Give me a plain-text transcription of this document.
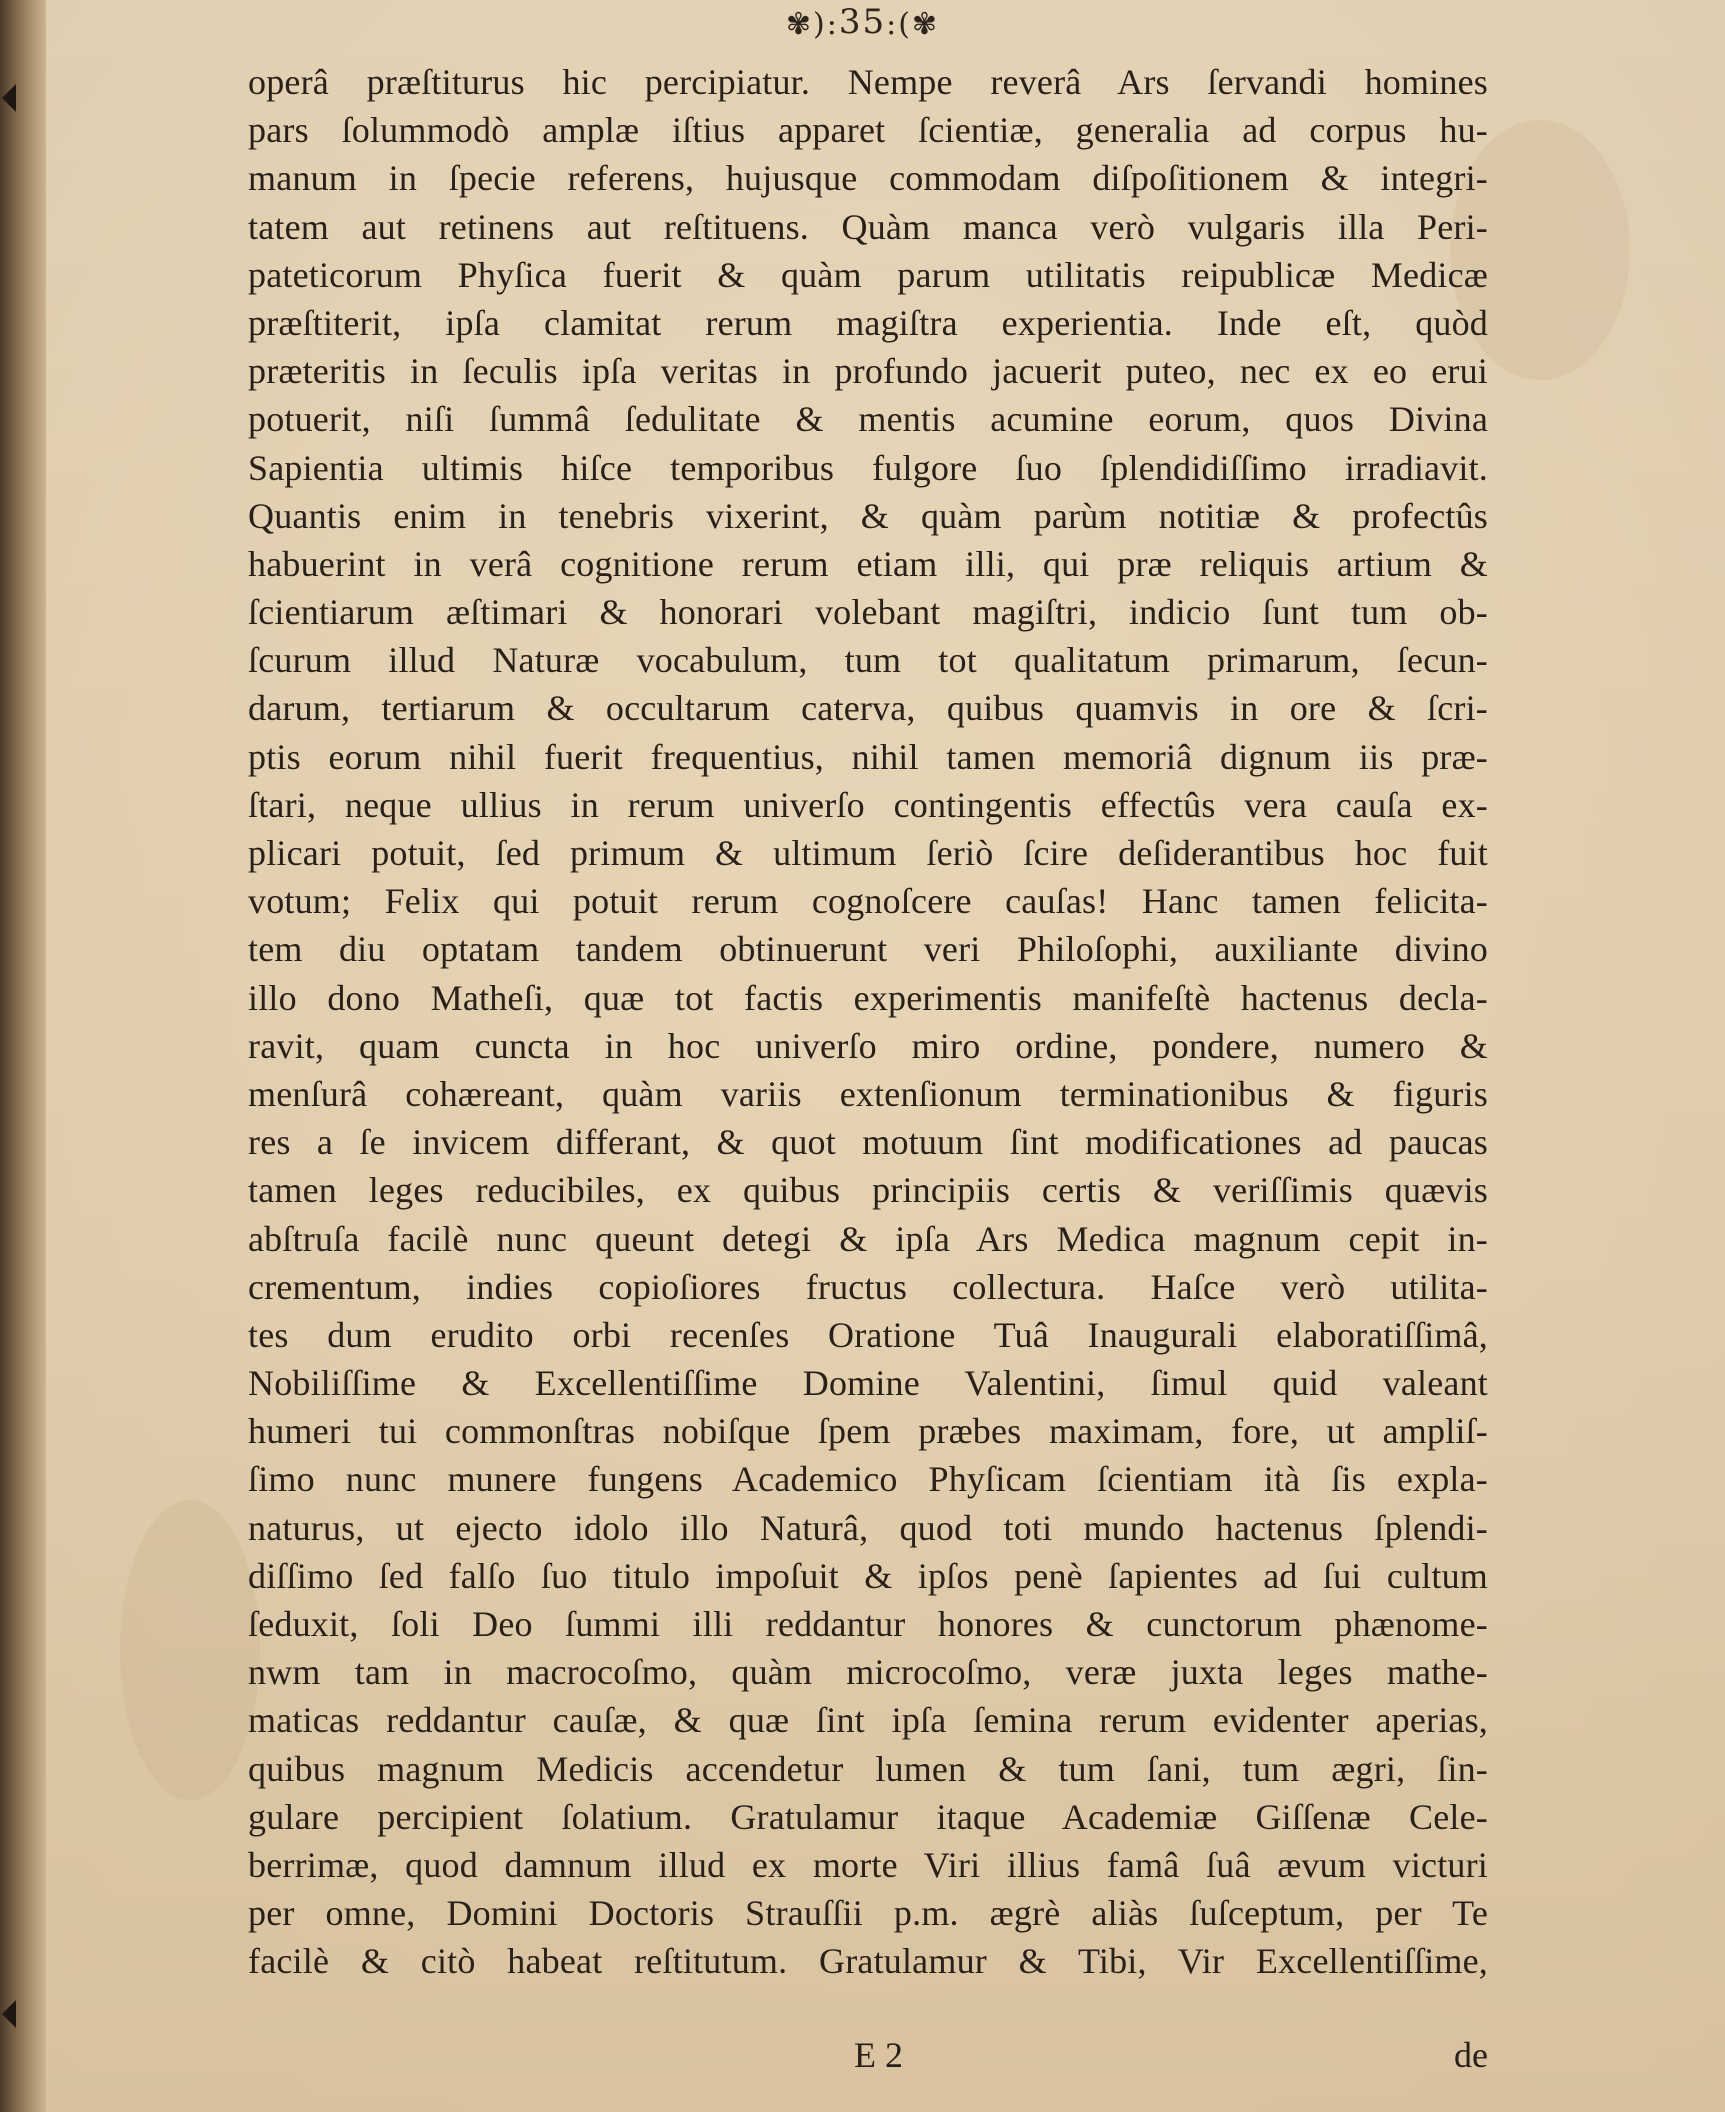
✾):35:(✾
operâ præſtiturus hic percipiatur. Nempe reverâ Ars ſervandi homines
pars ſolummodò amplæ iſtius apparet ſcientiæ, generalia ad corpus hu-
manum in ſpecie referens, hujusque commodam diſpoſitionem & integri-
tatem aut retinens aut reſtituens. Quàm manca verò vulgaris illa Peri-
pateticorum Phyſica fuerit & quàm parum utilitatis reipublicæ Medicæ
præſtiterit, ipſa clamitat rerum magiſtra experientia. Inde eſt, quòd
præteritis in ſeculis ipſa veritas in profundo jacuerit puteo, nec ex eo erui
potuerit, niſi ſummâ ſedulitate & mentis acumine eorum, quos Divina
Sapientia ultimis hiſce temporibus fulgore ſuo ſplendidiſſimo irradiavit.
Quantis enim in tenebris vixerint, & quàm parùm notitiæ & profectûs
habuerint in verâ cognitione rerum etiam illi, qui præ reliquis artium &
ſcientiarum æſtimari & honorari volebant magiſtri, indicio ſunt tum ob-
ſcurum illud Naturæ vocabulum, tum tot qualitatum primarum, ſecun-
darum, tertiarum & occultarum caterva, quibus quamvis in ore & ſcri-
ptis eorum nihil fuerit frequentius, nihil tamen memoriâ dignum iis præ-
ſtari, neque ullius in rerum univerſo contingentis effectûs vera cauſa ex-
plicari potuit, ſed primum & ultimum ſeriò ſcire deſiderantibus hoc fuit
votum; Felix qui potuit rerum cognoſcere cauſas! Hanc tamen felicita-
tem diu optatam tandem obtinuerunt veri Philoſophi, auxiliante divino
illo dono Matheſi, quæ tot factis experimentis manifeſtè hactenus decla-
ravit, quam cuncta in hoc univerſo miro ordine, pondere, numero &
menſurâ cohæreant, quàm variis extenſionum terminationibus & figuris
res a ſe invicem differant, & quot motuum ſint modificationes ad paucas
tamen leges reducibiles, ex quibus principiis certis & veriſſimis quævis
abſtruſa facilè nunc queunt detegi & ipſa Ars Medica magnum cepit in-
crementum, indies copioſiores fructus collectura. Haſce verò utilita-
tes dum erudito orbi recenſes Oratione Tuâ Inaugurali elaboratiſſimâ,
Nobiliſſime & Excellentiſſime Domine Valentini, ſimul quid valeant
humeri tui commonſtras nobiſque ſpem præbes maximam, fore, ut ampliſ-
ſimo nunc munere fungens Academico Phyſicam ſcientiam ità ſis expla-
naturus, ut ejecto idolo illo Naturâ, quod toti mundo hactenus ſplendi-
diſſimo ſed falſo ſuo titulo impoſuit & ipſos penè ſapientes ad ſui cultum
ſeduxit, ſoli Deo ſummi illi reddantur honores & cunctorum phænome-
nwm tam in macrocoſmo, quàm microcoſmo, veræ juxta leges mathe-
maticas reddantur cauſæ, & quæ ſint ipſa ſemina rerum evidenter aperias,
quibus magnum Medicis accendetur lumen & tum ſani, tum ægri, ſin-
gulare percipient ſolatium. Gratulamur itaque Academiæ Giſſenæ Cele-
berrimæ, quod damnum illud ex morte Viri illius famâ ſuâ ævum victuri
per omne, Domini Doctoris Strauſſii p.m. ægrè aliàs ſuſceptum, per Te
facilè & citò habeat reſtitutum. Gratulamur & Tibi, Vir Excellentiſſime,
E 2	de
